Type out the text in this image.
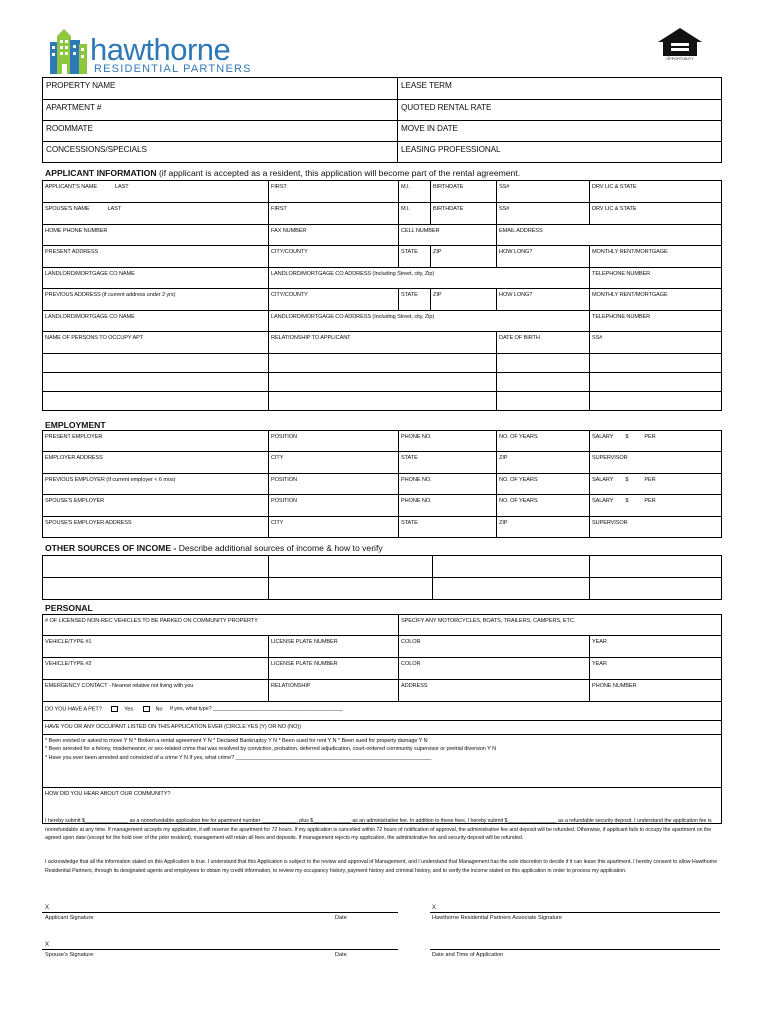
hawthorne
RESIDENTIAL PARTNERS
EQUAL HOUSING OPPORTUNITY
PROPERTY NAME	LEASE TERM
APARTMENT #	QUOTED RENTAL RATE
ROOMMATE	MOVE IN DATE
CONCESSIONS/SPECIALS	LEASING PROFESSIONAL
APPLICANT INFORMATION (if applicant is accepted as a resident, this application will become part of the rental agreement.
APPLICANT'S NAME LAST	FIRST	M.I.	BIRTHDATE	SS#	DRV LIC & STATE
SPOUSE'S NAME LAST	FIRST	M.I.	BIRTHDATE	SS#	DRV LIC & STATE
HOME PHONE NUMBER	FAX NUMBER	CELL NUMBER		EMAIL ADDRESS	
PRESENT ADDRESS	CITY/COUNTY	STATE	ZIP	HOW LONG?	MONTHLY RENT/MORTGAGE
LANDLORD/MORTGAGE CO NAME	LANDLORD/MORTGAGE CO ADDRESS (Including Street, city, Zip)				TELEPHONE NUMBER
PREVIOUS ADDRESS (if current address under 2 yrs)	CITY/COUNTY	STATE	ZIP	HOW LONG?	MONTHLY RENT/MORTGAGE
LANDLORD/MORTGAGE CO NAME	LANDLORD/MORTGAGE CO ADDRESS (Including Street, city, Zip)				TELEPHONE NUMBER
NAME OF PERSONS TO OCCUPY APT	RELATIONSHIP TO APPLICANT			DATE OF BIRTH	SS#

EMPLOYMENT
PRESENT EMPLOYER	POSITION	PHONE NO.	NO. OF YEARS	SALARY $ PER
EMPLOYER ADDRESS	CITY	STATE	ZIP	SUPERVISOR
PREVIOUS EMPLOYER (If current employer < 6 mos)	POSITION	PHONE NO.	NO. OF YEARS	SALARY $ PER
SPOUSE'S EMPLOYER	POSITION	PHONE NO.	NO. OF YEARS	SALARY $ PER
SPOUSE'S EMPLOYER ADDRESS	CITY	STATE	ZIP	SUPERVISOR
OTHER SOURCES OF INCOME - Describe additional sources of income & how to verify

PERSONAL
# OF LICENSED NON-REC VEHICLES TO BE PARKED ON COMMUNITY PROPERTY		SPECIFY ANY MOTORCYCLES, BOATS, TRAILERS, CAMPERS, ETC.	
VEHICLE/TYPE #1	LICENSE PLATE NUMBER	COLOR	YEAR
VEHICLE/TYPE #2	LICENSE PLATE NUMBER	COLOR	YEAR
EMERGENCY CONTACT - Nearest relative not living with you	RELATIONSHIP	ADDRESS	PHONE NUMBER
DO YOU HAVE A PET? Yes No If yes, what type? ___________________________________________			
HAVE YOU OR ANY OCCUPANT LISTED ON THIS APPLICATION EVER (CIRCLE YES (Y) OR NO (NO))			

* Been evicted or asked to move Y N * Broken a rental agreement Y N * Declared Bankruptcy Y N * Been sued for rent Y N * Been sued for property damage Y N
* Been arrested for a felony, misdemeanor, or sex-related crime that was resolved by conviction, probation, deferred adjudication, court-ordered community supervisor or pretrial diversion Y N
* Have you ever been arrested and convicted of a crime Y N If yes, what crime? _________________________________________________________________			

HOW DID YOU HEAR ABOUT OUR COMMUNITY?			
I hereby submit $_______________ as a nonrefundable application fee for apartment number ____________, plus $_____________ as an administrative fee. In addition to these fees, I hereby submit $_________________ as a refundable security deposit. I understand the application fee is nonrefundable at any time. If management accepts my application, it will reserve the apartment for 72 hours. If my application is cancelled within 72 hours of notification of approval, the administrative fee and deposit will be refunded. Otherwise, if applicant fails to occupy the apartment on the agreed upon date (except for the hold over of the prior resident), management will retain all fees and deposits. If management rejects my application, the administrative fee and security deposit will be refunded.
I acknowledge that all the information stated on this Application is true. I understand that this Application is subject to the review and approval of Management, and I understand that Management has the sole discretion to decide if it can lease this apartment. I hereby consent to allow Hawthorne Residential Partners, through its designated agents and employees to obtain my credit information, to review my occupancy history, payment history and criminal history, and to verify the income stated on this application in order to process my application.
X
Applicant Signature	Date
X
Hawthorne Residential Partners Associate Signature
X
Spouse's Signature	Date	Date and Time of Application
